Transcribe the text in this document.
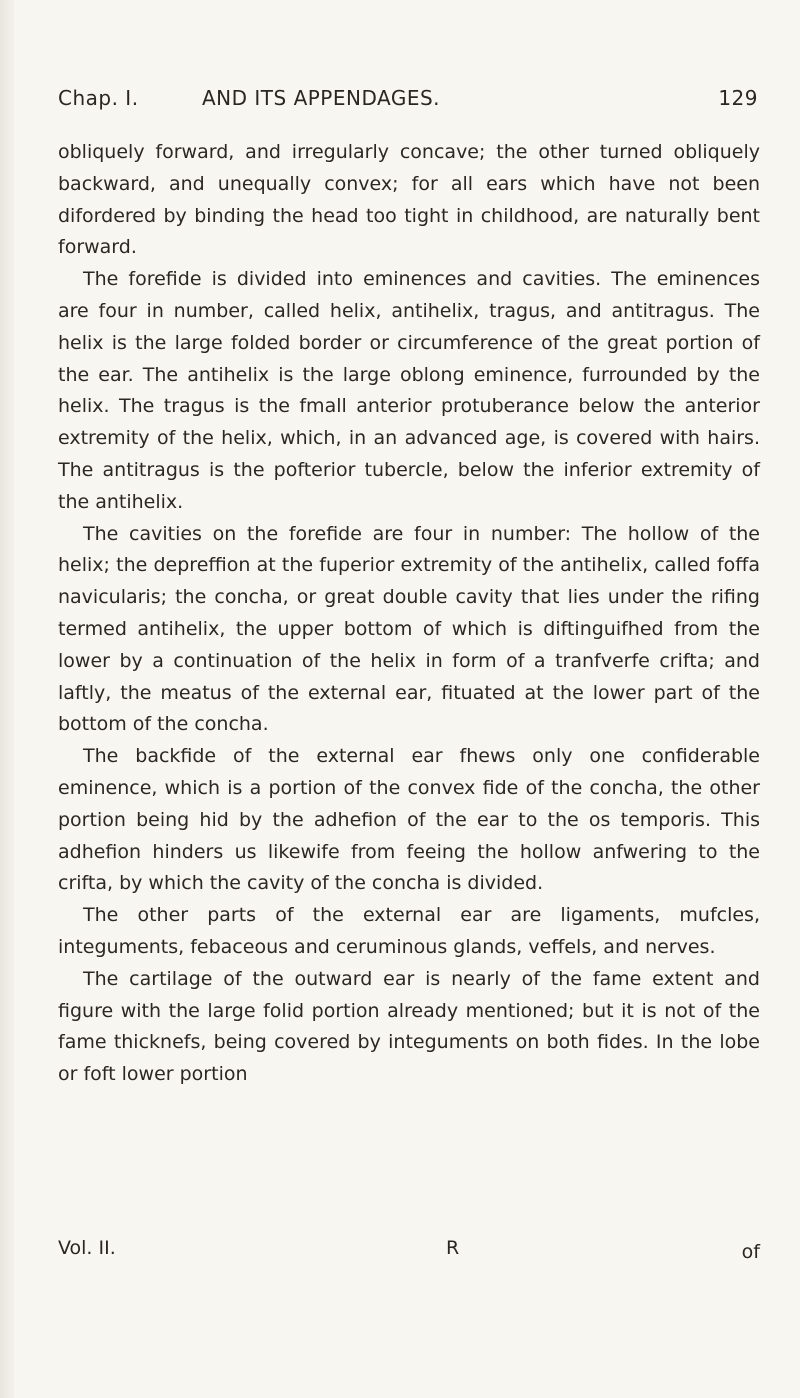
Chap. I.	AND ITS APPENDAGES.	129

obliquely forward, and irregularly concave; the other turned obliquely backward, and unequally convex; for all ears which have not been difordered by binding the head too tight in childhood, are naturally bent forward.

The forefide is divided into eminences and cavities. The eminences are four in number, called helix, antihelix, tragus, and antitragus. The helix is the large folded border or circumference of the great portion of the ear. The antihelix is the large oblong eminence, furrounded by the helix. The tragus is the fmall anterior protuberance below the anterior extremity of the helix, which, in an advanced age, is covered with hairs. The antitragus is the pofterior tubercle, below the inferior extremity of the antihelix.

The cavities on the forefide are four in number: The hollow of the helix; the depreffion at the fuperior extremity of the antihelix, called foffa navicularis; the concha, or great double cavity that lies under the rifing termed antihelix, the upper bottom of which is diftinguifhed from the lower by a continuation of the helix in form of a tranfverfe crifta; and laftly, the meatus of the external ear, fituated at the lower part of the bottom of the concha.

The backfide of the external ear fhews only one confiderable eminence, which is a portion of the convex fide of the concha, the other portion being hid by the adhefion of the ear to the os temporis. This adhefion hinders us likewife from feeing the hollow anfwering to the crifta, by which the cavity of the concha is divided.

The other parts of the external ear are ligaments, mufcles, integuments, febaceous and ceruminous glands, veffels, and nerves.

The cartilage of the outward ear is nearly of the fame extent and figure with the large folid portion already mentioned; but it is not of the fame thicknefs, being covered by integuments on both fides. In the lobe or foft lower portion

Vol. II.	R	of
